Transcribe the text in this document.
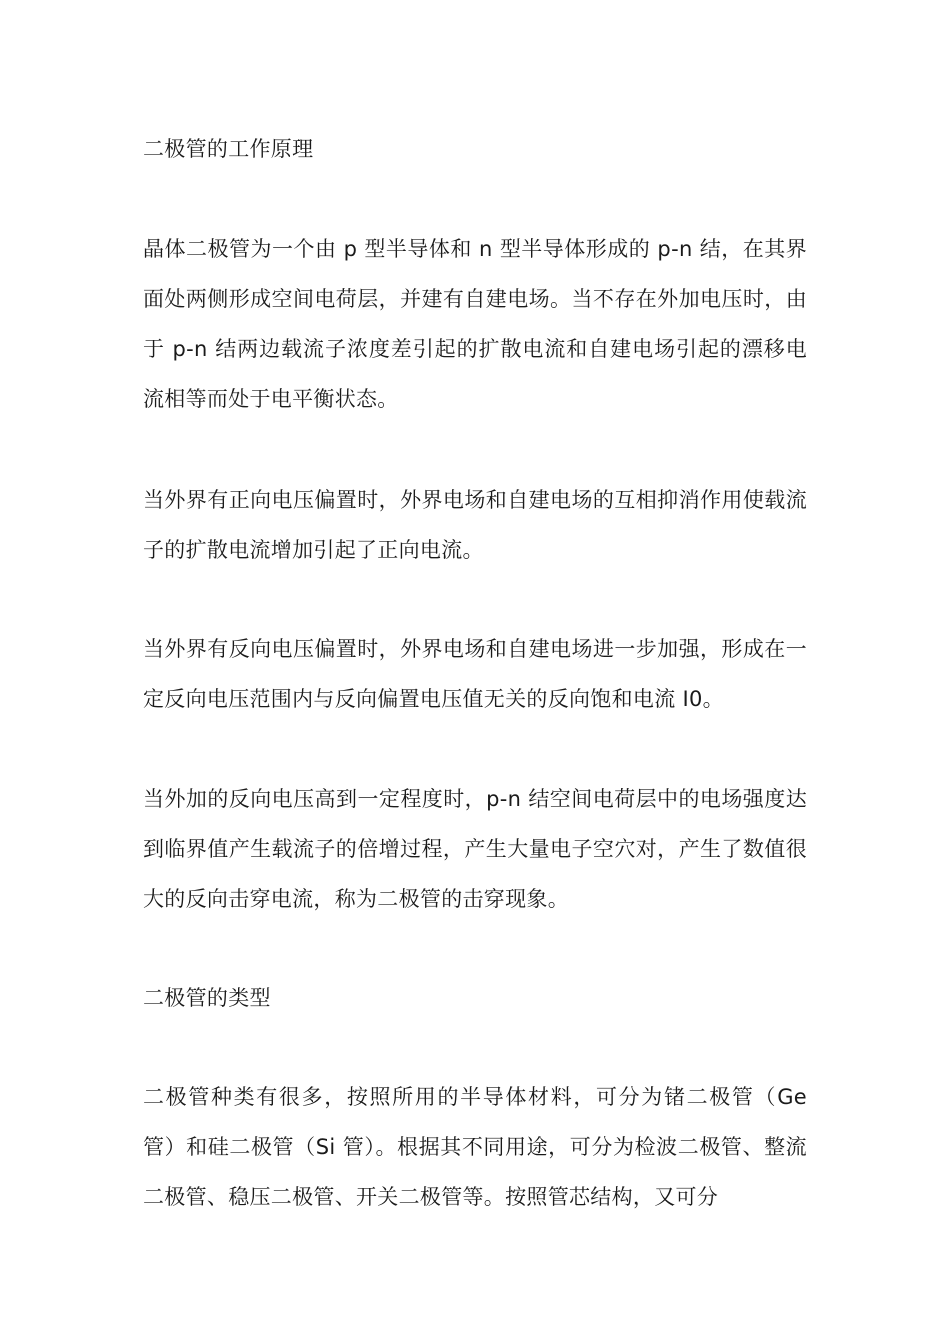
二极管的工作原理

晶体二极管为一个由 p 型半导体和 n 型半导体形成的 p-n 结，在其界面处两侧形成空间电荷层，并建有自建电场。当不存在外加电压时，由于 p-n 结两边载流子浓度差引起的扩散电流和自建电场引起的漂移电流相等而处于电平衡状态。

当外界有正向电压偏置时，外界电场和自建电场的互相抑消作用使载流子的扩散电流增加引起了正向电流。

当外界有反向电压偏置时，外界电场和自建电场进一步加强，形成在一定反向电压范围内与反向偏置电压值无关的反向饱和电流 I0。

当外加的反向电压高到一定程度时，p-n 结空间电荷层中的电场强度达到临界值产生载流子的倍增过程，产生大量电子空穴对，产生了数值很大的反向击穿电流，称为二极管的击穿现象。

二极管的类型

二极管种类有很多，按照所用的半导体材料，可分为锗二极管（Ge 管）和硅二极管（Si 管）。根据其不同用途，可分为检波二极管、整流二极管、稳压二极管、开关二极管等。按照管芯结构，又可分
